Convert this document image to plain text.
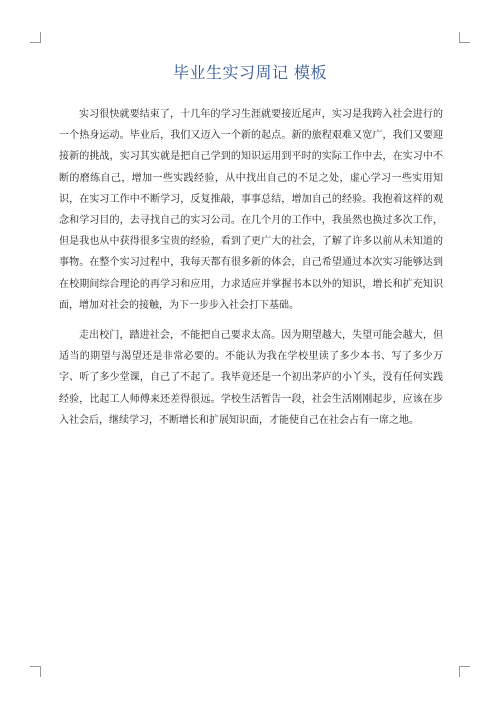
毕业生实习周记 模板

实习很快就要结束了，十几年的学习生涯就要接近尾声，实习是我跨入社会进行的一个热身运动。毕业后，我们又迈入一个新的起点。新的旅程艰难又宽广，我们又要迎接新的挑战，实习其实就是把自己学到的知识运用到平时的实际工作中去，在实习中不断的磨练自己，增加一些实践经验，从中找出自己的不足之处，虚心学习一些实用知识，在实习工作中不断学习，反复推敲，事事总结，增加自己的经验。我抱着这样的观念和学习目的，去寻找自己的实习公司。在几个月的工作中，我虽然也换过多次工作，但是我也从中获得很多宝贵的经验，看到了更广大的社会，了解了许多以前从未知道的事物。在整个实习过程中，我每天都有很多新的体会，自己希望通过本次实习能够达到在校期间综合理论的再学习和应用，力求适应并掌握书本以外的知识，增长和扩充知识面，增加对社会的接触，为下一步步入社会打下基础。

走出校门，踏进社会，不能把自己要求太高。因为期望越大，失望可能会越大，但适当的期望与渴望还是非常必要的。不能认为我在学校里读了多少本书、写了多少万字、听了多少堂课，自己了不起了。我毕竟还是一个初出茅庐的小丫头，没有任何实践经验，比起工人师傅来还差得很远。学校生活暂告一段，社会生活刚刚起步，应该在步入社会后，继续学习，不断增长和扩展知识面，才能使自己在社会占有一席之地。
